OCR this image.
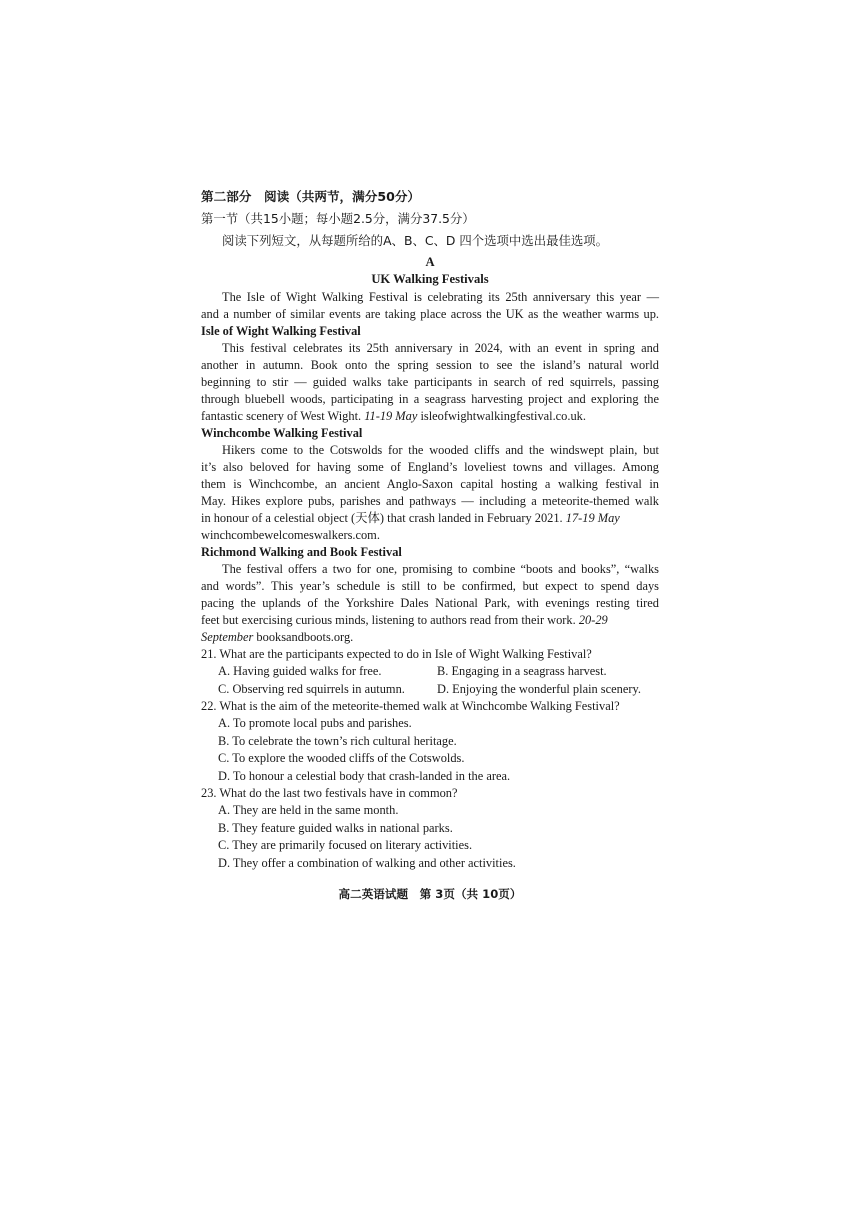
第二部分　阅读（共两节，满分50分）
第一节（共15小题；每小题2.5分，满分37.5分）
阅读下列短文，从每题所给的A、B、C、D 四个选项中选出最佳选项。
A
UK Walking Festivals
The Isle of Wight Walking Festival is celebrating its 25th anniversary this year —
and a number of similar events are taking place across the UK as the weather warms up.
Isle of Wight Walking Festival
This festival celebrates its 25th anniversary in 2024, with an event in spring and
another in autumn. Book onto the spring session to see the island’s natural world
beginning to stir — guided walks take participants in search of red squirrels, passing
through bluebell woods, participating in a seagrass harvesting project and exploring the
fantastic scenery of West Wight. 11-19 May isleofwightwalkingfestival.co.uk.
Winchcombe Walking Festival
Hikers come to the Cotswolds for the wooded cliffs and the windswept plain, but
it’s also beloved for having some of England’s loveliest towns and villages. Among
them is Winchcombe, an ancient Anglo-Saxon capital hosting a walking festival in
May. Hikes explore pubs, parishes and pathways — including a meteorite-themed walk
in honour of a celestial object (天体) that crash landed in February 2021. 17-19 May
winchcombewelcomeswalkers.com.
Richmond Walking and Book Festival
The festival offers a two for one, promising to combine “boots and books”, “walks
and words”. This year’s schedule is still to be confirmed, but expect to spend days
pacing the uplands of the Yorkshire Dales National Park, with evenings resting tired
feet but exercising curious minds, listening to authors read from their work. 20-29
September booksandboots.org.
21. What are the participants expected to do in Isle of Wight Walking Festival?
A. Having guided walks for free.	B. Engaging in a seagrass harvest.
C. Observing red squirrels in autumn.	D. Enjoying the wonderful plain scenery.
22. What is the aim of the meteorite-themed walk at Winchcombe Walking Festival?
A. To promote local pubs and parishes.
B. To celebrate the town’s rich cultural heritage.
C. To explore the wooded cliffs of the Cotswolds.
D. To honour a celestial body that crash-landed in the area.
23. What do the last two festivals have in common?
A. They are held in the same month.
B. They feature guided walks in national parks.
C. They are primarily focused on literary activities.
D. They offer a combination of walking and other activities.
高二英语试题　第 3页（共 10页）
